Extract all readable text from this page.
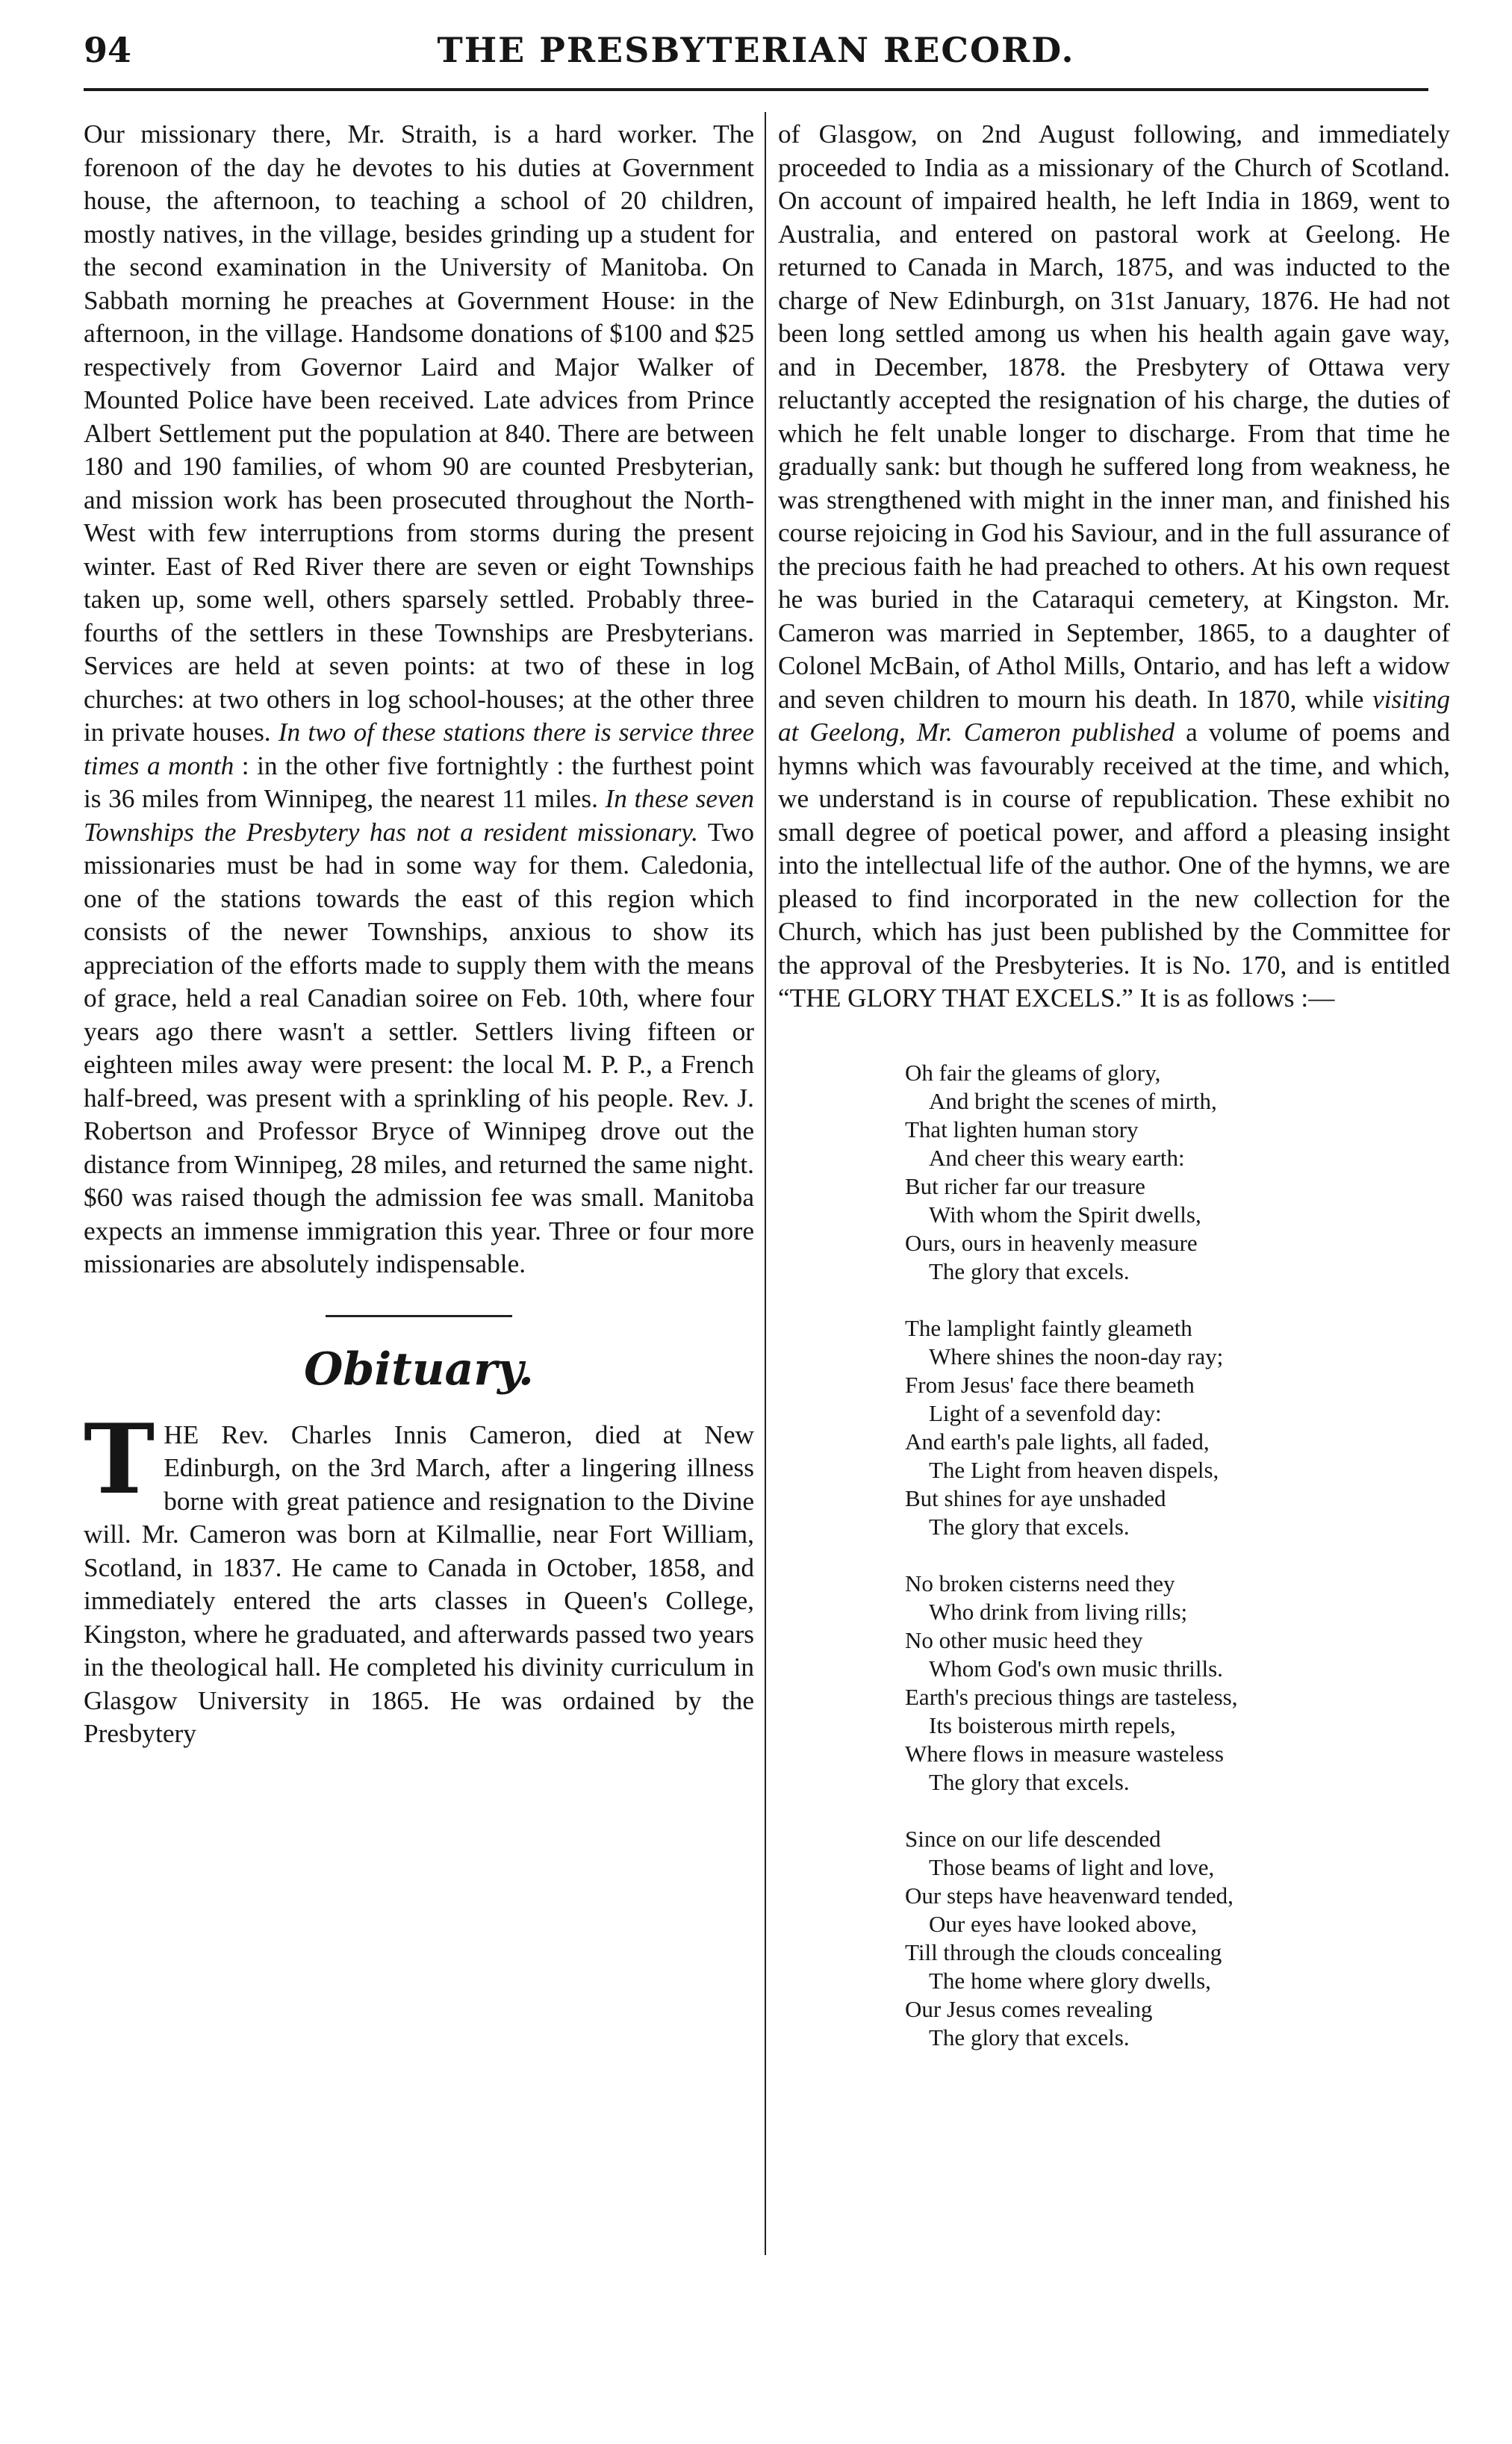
94	THE PRESBYTERIAN RECORD.

Our missionary there, Mr. Straith, is a hard worker. The forenoon of the day he devotes to his duties at Government house, the afternoon, to teaching a school of 20 children, mostly natives, in the village, besides grinding up a student for the second examination in the University of Manitoba. On Sabbath morning he preaches at Government House: in the afternoon, in the village. Handsome donations of $100 and $25 respectively from Governor Laird and Major Walker of Mounted Police have been received. Late advices from Prince Albert Settlement put the population at 840. There are between 180 and 190 families, of whom 90 are counted Presbyterian, and mission work has been prosecuted throughout the North-West with few interruptions from storms during the present winter. East of Red River there are seven or eight Townships taken up, some well, others sparsely settled. Probably three-fourths of the settlers in these Townships are Presbyterians. Services are held at seven points: at two of these in log churches: at two others in log school-houses; at the other three in private houses. In two of these stations there is service three times a month : in the other five fortnightly : the furthest point is 36 miles from Winnipeg, the nearest 11 miles. In these seven Townships the Presbytery has not a resident missionary. Two missionaries must be had in some way for them. Caledonia, one of the stations towards the east of this region which consists of the newer Townships, anxious to show its appreciation of the efforts made to supply them with the means of grace, held a real Canadian soiree on Feb. 10th, where four years ago there wasn't a settler. Settlers living fifteen or eighteen miles away were present: the local M. P. P., a French half-breed, was present with a sprinkling of his people. Rev. J. Robertson and Professor Bryce of Winnipeg drove out the distance from Winnipeg, 28 miles, and returned the same night. $60 was raised though the admission fee was small. Manitoba expects an immense immigration this year. Three or four more missionaries are absolutely indispensable.

Obituary.

T HE Rev. Charles Innis Cameron, died at New Edinburgh, on the 3rd March, after a lingering illness borne with great patience and resignation to the Divine will. Mr. Cameron was born at Kilmallie, near Fort William, Scotland, in 1837. He came to Canada in October, 1858, and immediately entered the arts classes in Queen's College, Kingston, where he graduated, and afterwards passed two years in the theological hall. He completed his divinity curriculum in Glasgow University in 1865. He was ordained by the Presbytery

of Glasgow, on 2nd August following, and immediately proceeded to India as a missionary of the Church of Scotland. On account of impaired health, he left India in 1869, went to Australia, and entered on pastoral work at Geelong. He returned to Canada in March, 1875, and was inducted to the charge of New Edinburgh, on 31st January, 1876. He had not been long settled among us when his health again gave way, and in December, 1878. the Presbytery of Ottawa very reluctantly accepted the resignation of his charge, the duties of which he felt unable longer to discharge. From that time he gradually sank: but though he suffered long from weakness, he was strengthened with might in the inner man, and finished his course rejoicing in God his Saviour, and in the full assurance of the precious faith he had preached to others. At his own request he was buried in the Cataraqui cemetery, at Kingston. Mr. Cameron was married in September, 1865, to a daughter of Colonel McBain, of Athol Mills, Ontario, and has left a widow and seven children to mourn his death. In 1870, while visiting at Geelong, Mr. Cameron published a volume of poems and hymns which was favourably received at the time, and which, we understand is in course of republication. These exhibit no small degree of poetical power, and afford a pleasing insight into the intellectual life of the author. One of the hymns, we are pleased to find incorporated in the new collection for the Church, which has just been published by the Committee for the approval of the Presbyteries. It is No. 170, and is entitled “THE GLORY THAT EXCELS.” It is as follows :—

Oh fair the gleams of glory,
And bright the scenes of mirth,
That lighten human story
And cheer this weary earth:
But richer far our treasure
With whom the Spirit dwells,
Ours, ours in heavenly measure
The glory that excels.
The lamplight faintly gleameth
Where shines the noon-day ray;
From Jesus' face there beameth
Light of a sevenfold day:
And earth's pale lights, all faded,
The Light from heaven dispels,
But shines for aye unshaded
The glory that excels.
No broken cisterns need they
Who drink from living rills;
No other music heed they
Whom God's own music thrills.
Earth's precious things are tasteless,
Its boisterous mirth repels,
Where flows in measure wasteless
The glory that excels.
Since on our life descended
Those beams of light and love,
Our steps have heavenward tended,
Our eyes have looked above,
Till through the clouds concealing
The home where glory dwells,
Our Jesus comes revealing
The glory that excels.
